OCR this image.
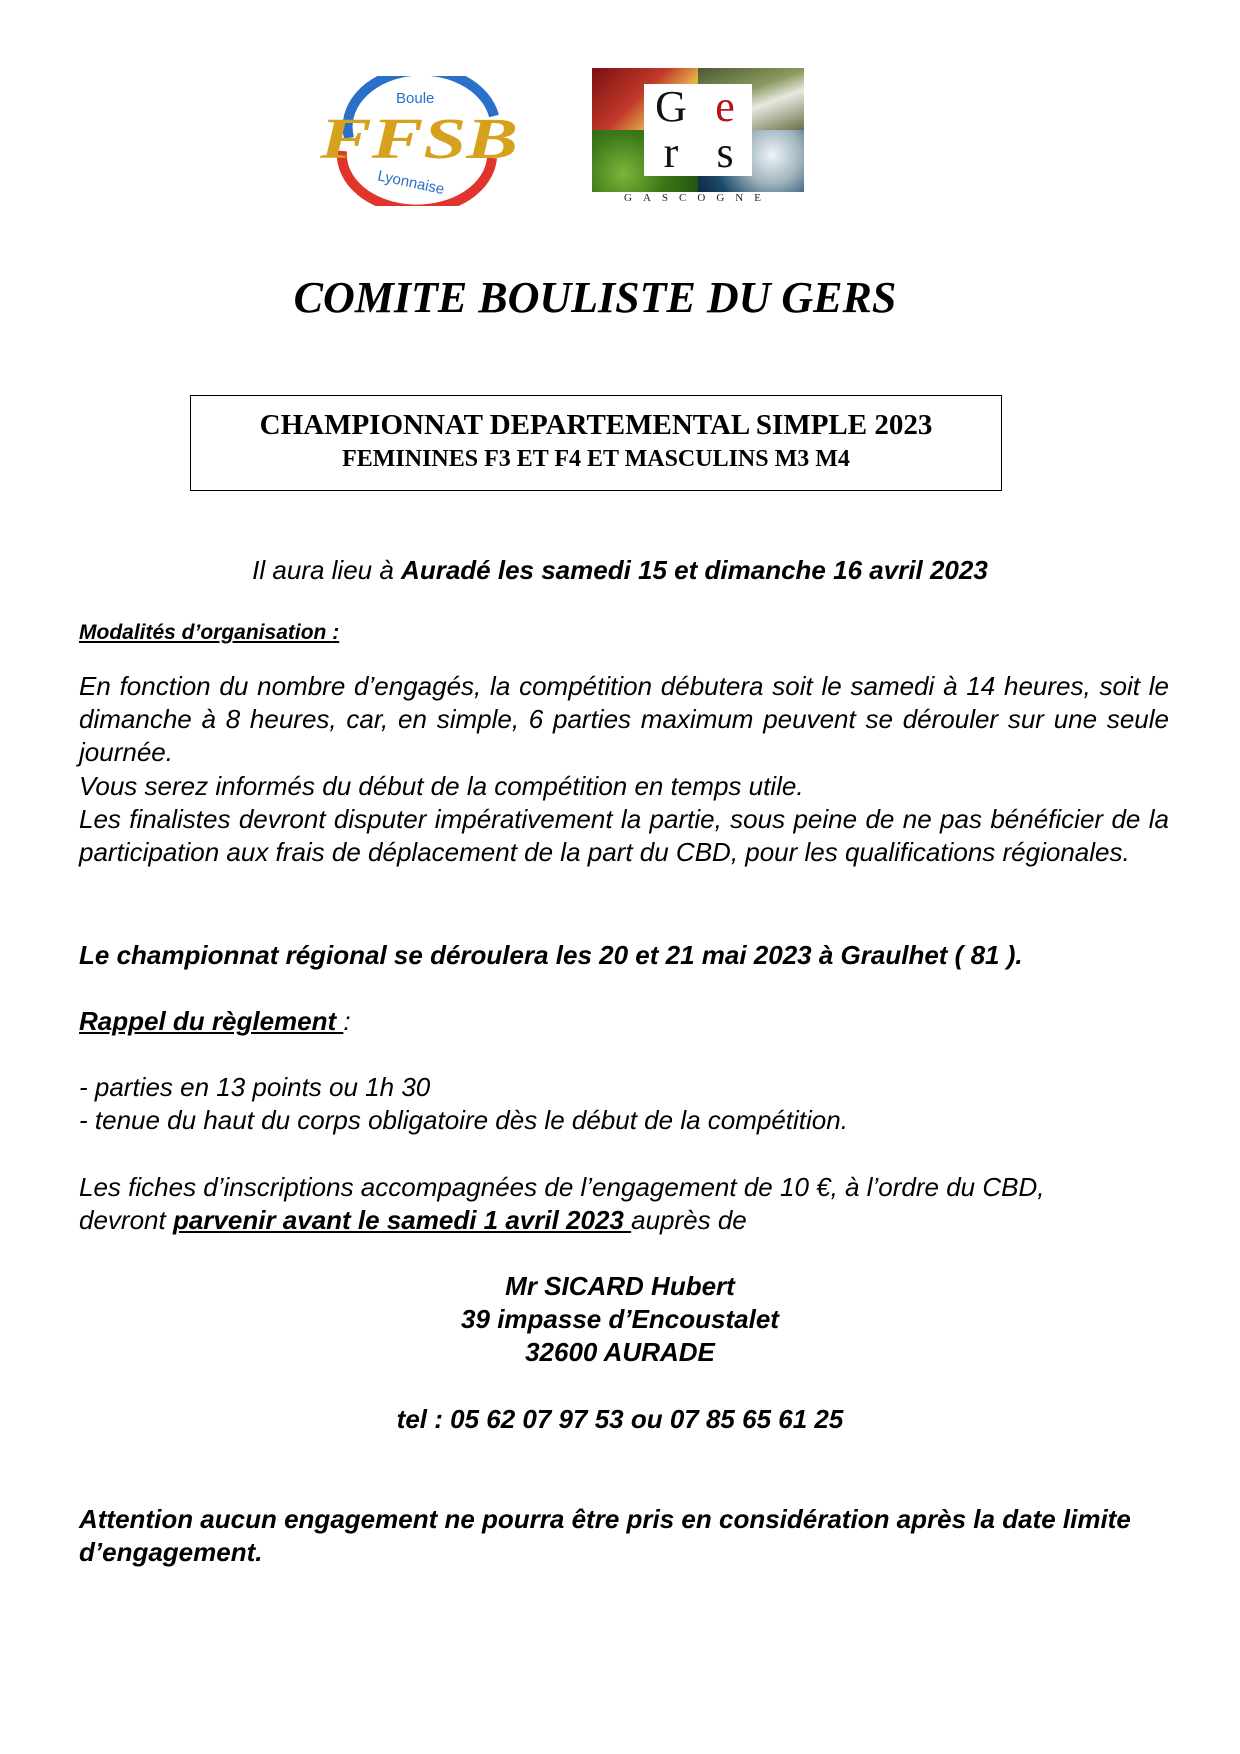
Boule
FFSB
Lyonnaise
G e
r s
GASCOGNE
COMITE BOULISTE DU GERS
CHAMPIONNAT DEPARTEMENTAL SIMPLE 2023
FEMININES F3 ET F4 ET MASCULINS M3 M4

Il aura lieu à Auradé les samedi 15 et dimanche 16 avril 2023

Modalités d’organisation :

En fonction du nombre d’engagés, la compétition débutera soit le samedi à 14 heures, soit le dimanche à 8 heures, car, en simple, 6 parties maximum peuvent se dérouler sur une seule journée.

Vous serez informés du début de la compétition en temps utile.

Les finalistes devront disputer impérativement la partie, sous peine de ne pas bénéficier de la participation aux frais de déplacement de la part du CBD, pour les qualifications régionales.

Le championnat régional se déroulera les 20 et 21 mai 2023 à Graulhet ( 81 ).

Rappel du règlement :

- parties en 13 points ou 1h 30

- tenue du haut du corps obligatoire dès le début de la compétition.

Les fiches d’inscriptions accompagnées de l’engagement de 10 €, à l’ordre du CBD,

devront parvenir avant le samedi 1 avril 2023 auprès de

Mr SICARD Hubert

39 impasse d’Encoustalet

32600 AURADE

tel : 05 62 07 97 53 ou 07 85 65 61 25

Attention aucun engagement ne pourra être pris en considération après la date limite d’engagement.
